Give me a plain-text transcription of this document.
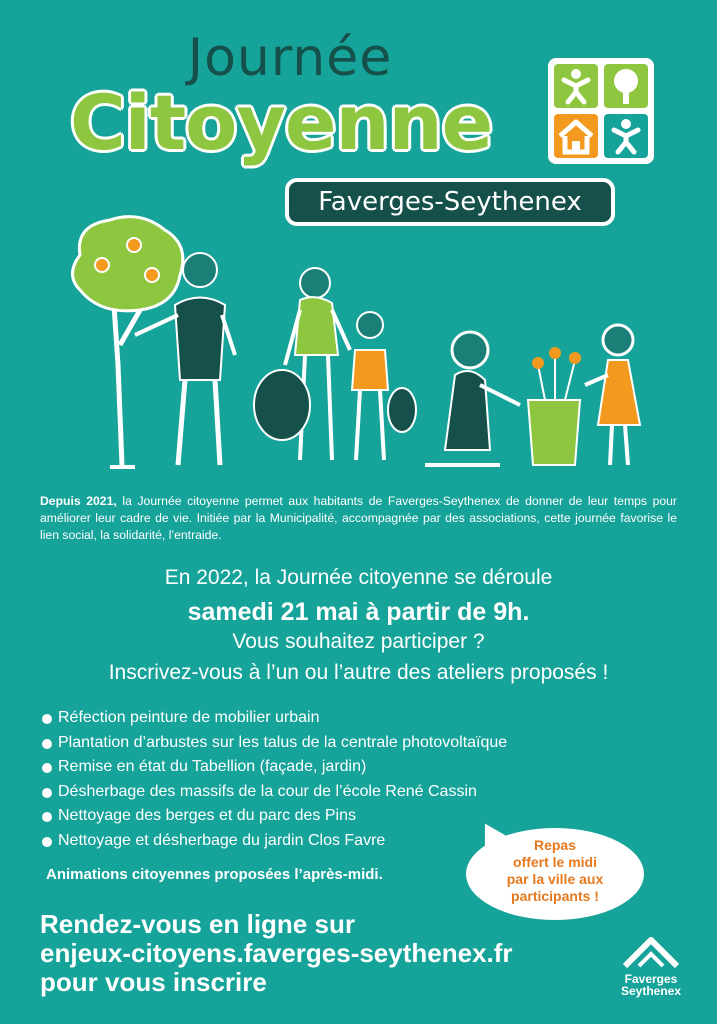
Journée
Citoyenne
Faverges-Seythenex
Depuis 2021, la Journée citoyenne permet aux habitants de Faverges-Seythenex de donner de leur temps pour améliorer leur cadre de vie. Initiée par la Municipalité, accompagnée par des associations, cette journée favorise le lien social, la solidarité, l’entraide.
En 2022, la Journée citoyenne se déroule
samedi 21 mai à partir de 9h.
Vous souhaitez participer ?
Inscrivez-vous à l’un ou l’autre des ateliers proposés !
Réfection peinture de mobilier urbain
Plantation d’arbustes sur les talus de la centrale photovoltaïque
Remise en état du Tabellion (façade, jardin)
Désherbage des massifs de la cour de l’école René Cassin
Nettoyage des berges et du parc des Pins
Nettoyage et désherbage du jardin Clos Favre
Animations citoyennes proposées l’après-midi.
Repas
offert le midi
par la ville aux
participants !
Rendez-vous en ligne sur
enjeux-citoyens.faverges-seythenex.fr
pour vous inscrire	Faverges
Seythenex
